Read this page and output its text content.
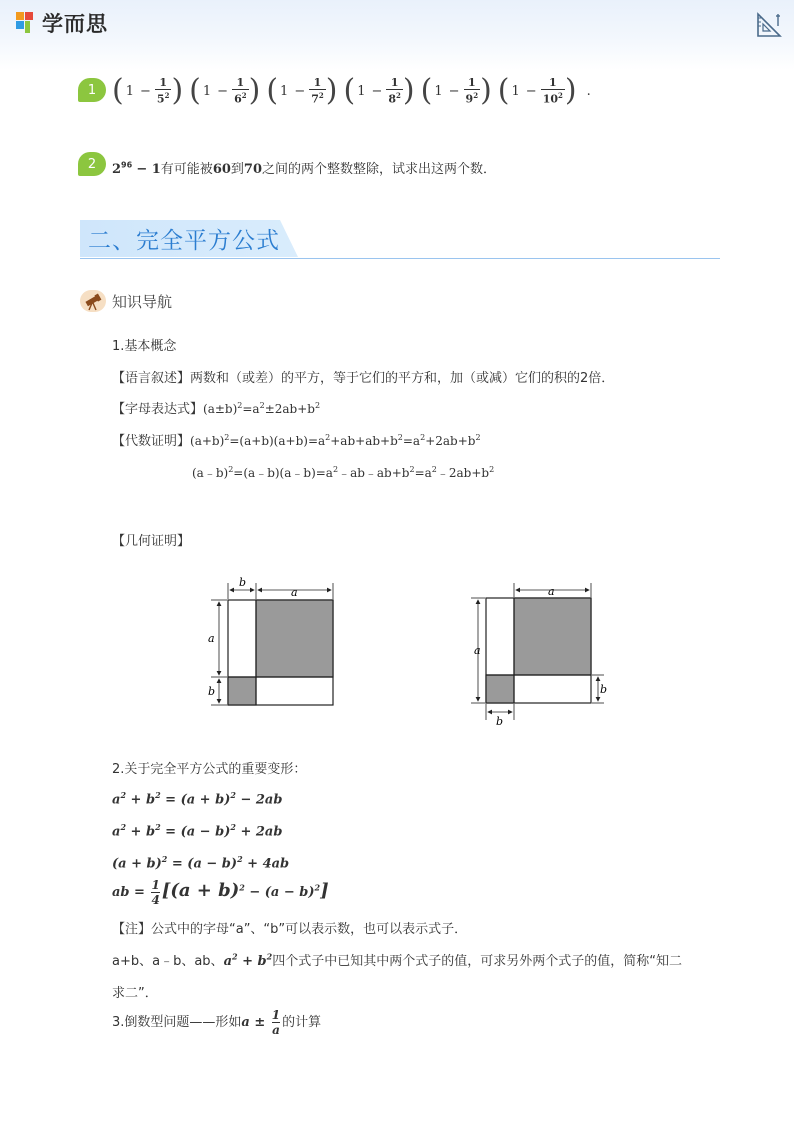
学而思
1 ( $1 - \frac{1}{5^2}$ ) ( $1 - \frac{1}{6^2}$ ) ( $1 - \frac{1}{7^2}$ ) ( $1 - \frac{1}{8^2}$ ) ( $1 - \frac{1}{9^2}$ ) ( $1 - \frac{1}{10^2}$ ) .
2	$2^{96} - 1$有可能被60到70之间的两个整数整除，试求出这两个数．
二、完全平方公式
知识导航
1.基本概念
【语言叙述】两数和（或差）的平方，等于它们的平方和，加（或减）它们的积的2倍．
【字母表达式】$(a\pm b)^2=a^2\pm 2ab+b^2$
【代数证明】$(a+b)^2=(a+b)(a+b)=a^2+ab+ab+b^2=a^2+2ab+b^2$
$(a﹣b)^2=(a﹣b)(a﹣b)=a^2﹣ab﹣ab+b^2=a^2﹣2ab+b^2$
【几何证明】
b
a
a
b
a
a
b
b
2.关于完全平方公式的重要变形：
$a^2 + b^2 = (a + b)^2 - 2ab$
$a^2 + b^2 = (a - b)^2 + 2ab$
$(a + b)^2 = (a - b)^2 + 4ab$
ab = $\frac{1}{4} [(a + b)^2 - (a - b)^2]$
【注】公式中的字母“a”、“b”可以表示数，也可以表示式子．
a+b、a﹣b、ab、$a^2 + b^2$四个式子中已知其中两个式子的值，可求另外两个式子的值，简称“知二
求二”．
3.倒数型问题——形如$a \pm \frac{1}{a}$ 的计算
